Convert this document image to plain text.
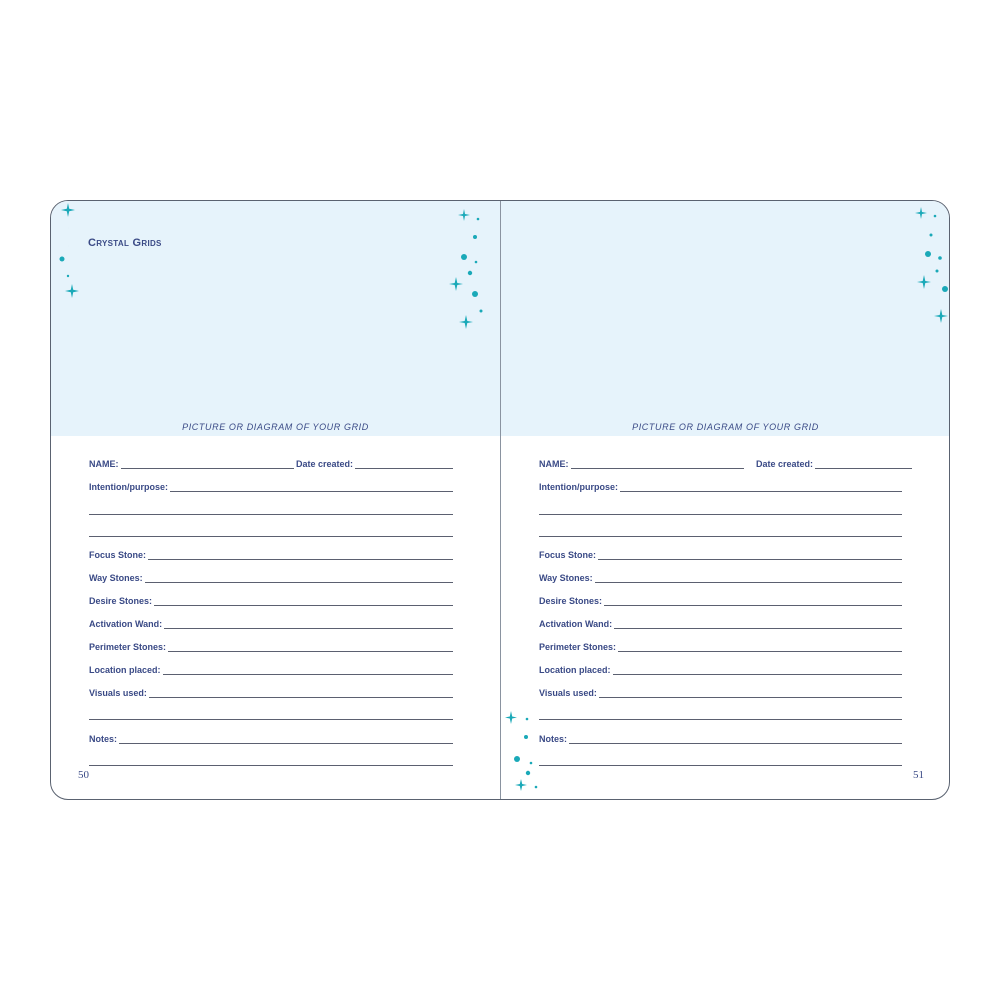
PICTURE OR DIAGRAM OF YOUR GRID
Crystal Grids
NAME:	Date created:
Intention/purpose:
Focus Stone:
Way Stones:
Desire Stones:
Activation Wand:
Perimeter Stones:
Location placed:
Visuals used:
Notes:
50
PICTURE OR DIAGRAM OF YOUR GRID
NAME:	Date created:
Intention/purpose:
Focus Stone:
Way Stones:
Desire Stones:
Activation Wand:
Perimeter Stones:
Location placed:
Visuals used:
Notes:
51
